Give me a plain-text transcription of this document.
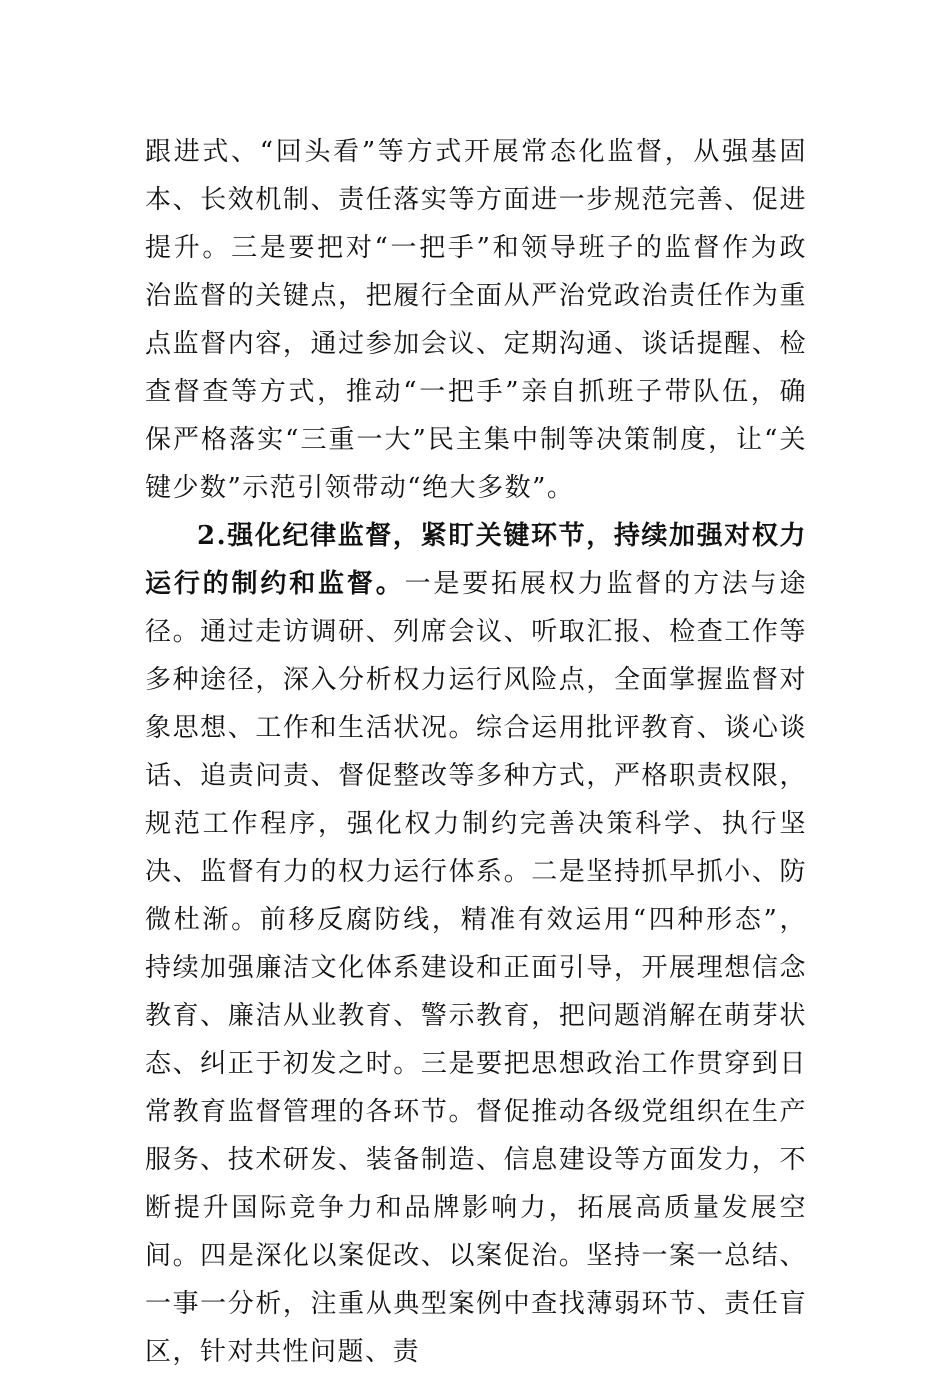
跟进式、“回头看”等方式开展常态化监督，从强基固本、长效机制、责任落实等方面进一步规范完善、促进提升。三是要把对“一把手”和领导班子的监督作为政治监督的关键点，把履行全面从严治党政治责任作为重点监督内容，通过参加会议、定期沟通、谈话提醒、检查督查等方式，推动“一把手”亲自抓班子带队伍，确保严格落实“三重一大”民主集中制等决策制度，让“关键少数”示范引领带动“绝大多数”。

2.强化纪律监督，紧盯关键环节，持续加强对权力运行的制约和监督。一是要拓展权力监督的方法与途径。通过走访调研、列席会议、听取汇报、检查工作等多种途径，深入分析权力运行风险点，全面掌握监督对象思想、工作和生活状况。综合运用批评教育、谈心谈话、追责问责、督促整改等多种方式，严格职责权限，规范工作程序，强化权力制约完善决策科学、执行坚决、监督有力的权力运行体系。二是坚持抓早抓小、防微杜渐。前移反腐防线，精准有效运用“四种形态”，持续加强廉洁文化体系建设和正面引导，开展理想信念教育、廉洁从业教育、警示教育，把问题消解在萌芽状态、纠正于初发之时。三是要把思想政治工作贯穿到日常教育监督管理的各环节。督促推动各级党组织在生产服务、技术研发、装备制造、信息建设等方面发力，不断提升国际竞争力和品牌影响力，拓展高质量发展空间。四是深化以案促改、以案促治。坚持一案一总结、一事一分析，注重从典型案例中查找薄弱环节、责任盲区，针对共性问题、责
